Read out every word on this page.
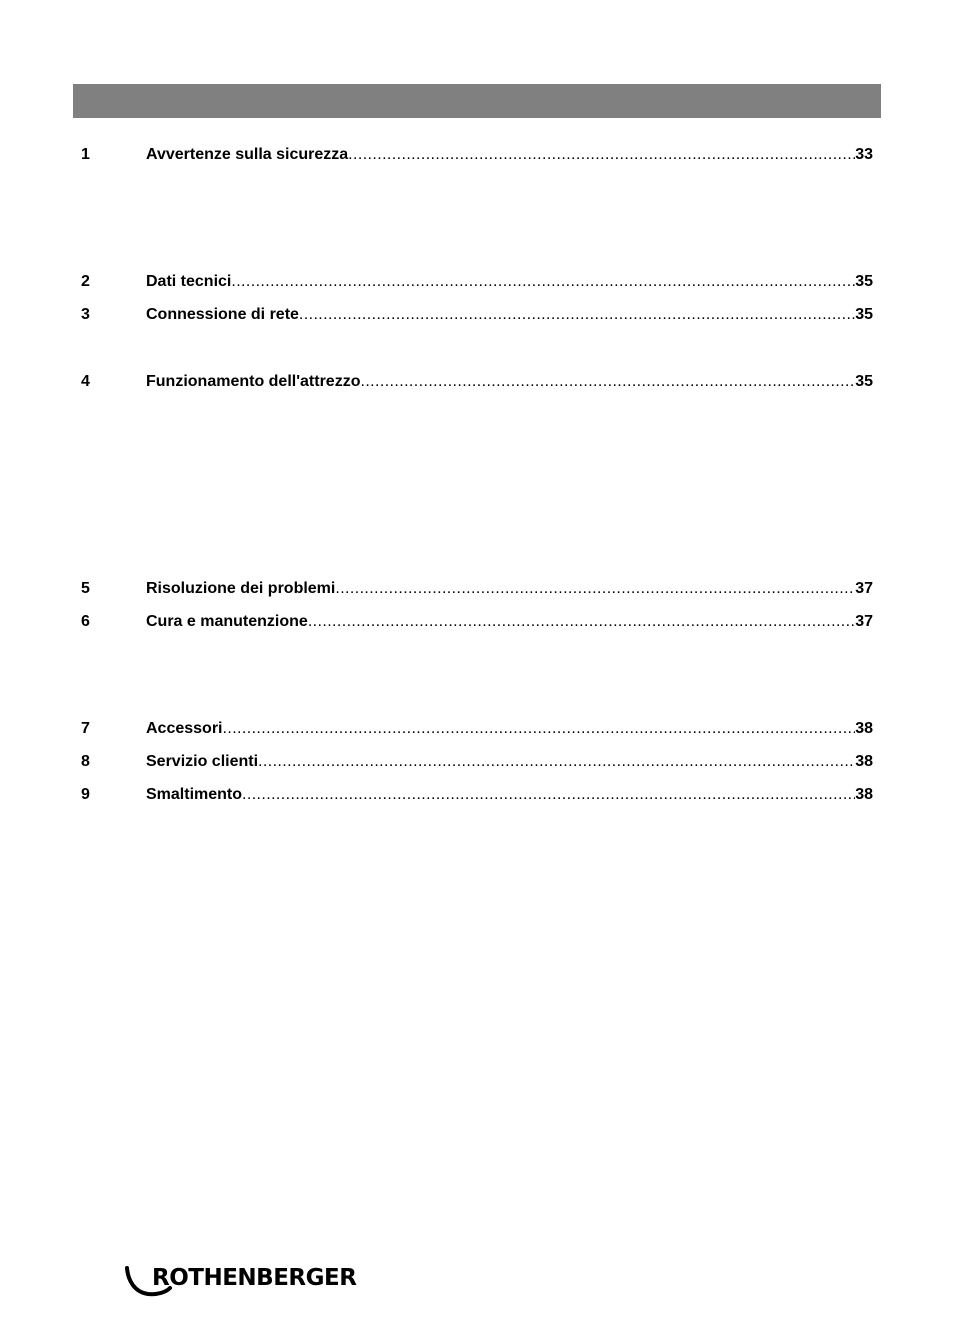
1	Avvertenze sulla sicurezza .....	33
2	Dati tecnici .....	35
3	Connessione di rete .....	35
4	Funzionamento dell'attrezzo .....	35
5	Risoluzione dei problemi .....	37
6	Cura e manutenzione .....	37
7	Accessori .....	38
8	Servizio clienti .....	38
9	Smaltimento .....	38
ROTHENBERGER
